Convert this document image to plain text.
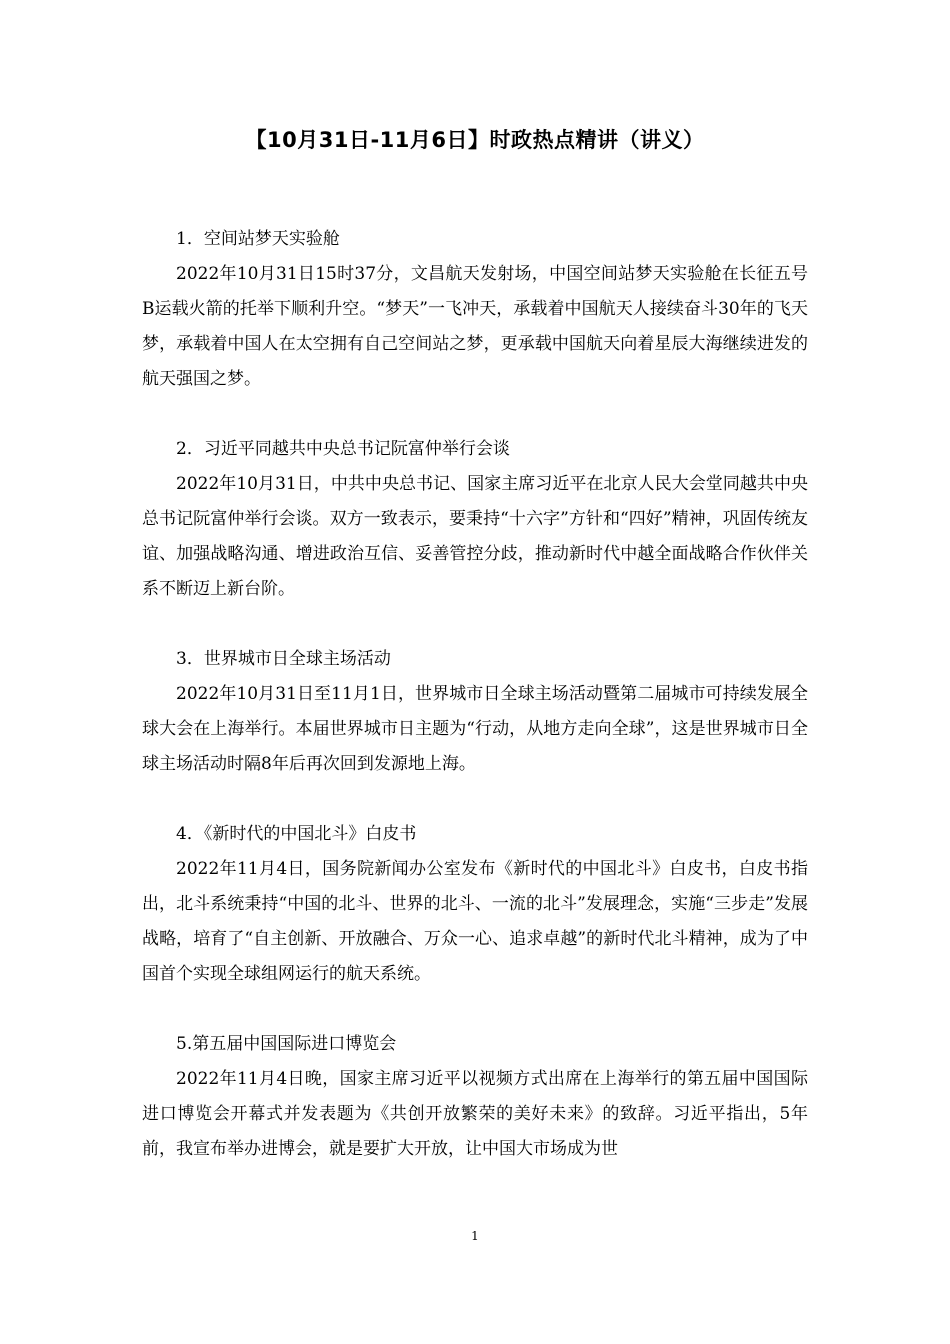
【10月31日-11月6日】时政热点精讲（讲义）

1．空间站梦天实验舱

2022年10月31日15时37分，文昌航天发射场，中国空间站梦天实验舱在长征五号B运载火箭的托举下顺利升空。“梦天”一飞冲天，承载着中国航天人接续奋斗30年的飞天梦，承载着中国人在太空拥有自己空间站之梦，更承载中国航天向着星辰大海继续进发的航天强国之梦。

2．习近平同越共中央总书记阮富仲举行会谈

2022年10月31日，中共中央总书记、国家主席习近平在北京人民大会堂同越共中央总书记阮富仲举行会谈。双方一致表示，要秉持“十六字”方针和“四好”精神，巩固传统友谊、加强战略沟通、增进政治互信、妥善管控分歧，推动新时代中越全面战略合作伙伴关系不断迈上新台阶。

3．世界城市日全球主场活动

2022年10月31日至11月1日，世界城市日全球主场活动暨第二届城市可持续发展全球大会在上海举行。本届世界城市日主题为“行动，从地方走向全球”，这是世界城市日全球主场活动时隔8年后再次回到发源地上海。

4．《新时代的中国北斗》白皮书

2022年11月4日，国务院新闻办公室发布《新时代的中国北斗》白皮书，白皮书指出，北斗系统秉持“中国的北斗、世界的北斗、一流的北斗”发展理念，实施“三步走”发展战略，培育了“自主创新、开放融合、万众一心、追求卓越”的新时代北斗精神，成为了中国首个实现全球组网运行的航天系统。

5.第五届中国国际进口博览会

2022年11月4日晚，国家主席习近平以视频方式出席在上海举行的第五届中国国际进口博览会开幕式并发表题为《共创开放繁荣的美好未来》的致辞。习近平指出，5年前，我宣布举办进博会，就是要扩大开放，让中国大市场成为世

1
